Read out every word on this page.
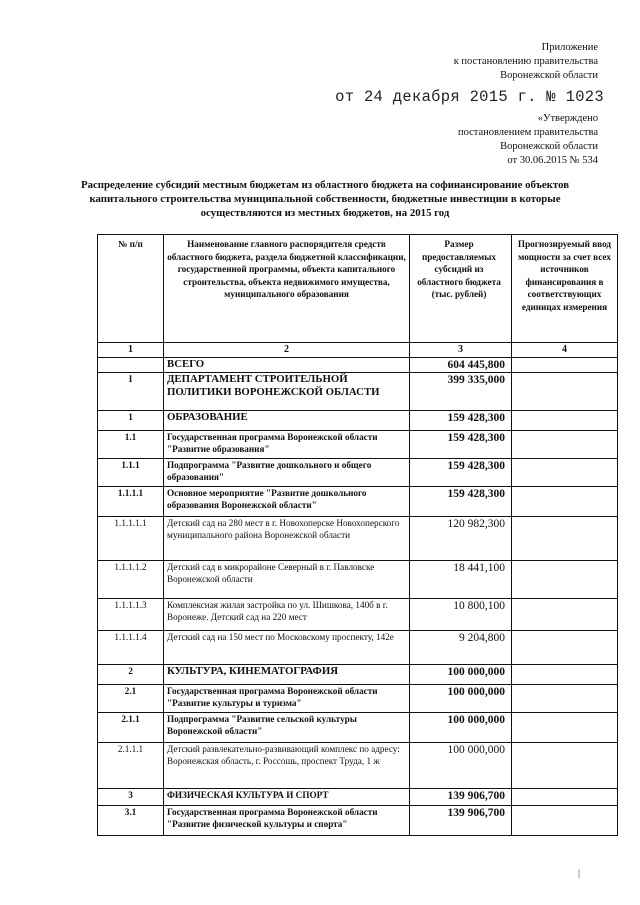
Приложение
к постановлению правительства
Воронежской области
от 24 декабря 2015 г. № 1023
«Утверждено
постановлением правительства
Воронежской области
от 30.06.2015 № 534
Распределение субсидий местным бюджетам из областного бюджета на софинансирование объектов капитального строительства муниципальной собственности, бюджетные инвестиции в которые осуществляются из местных бюджетов, на 2015 год
№ п/п	Наименование главного распорядителя средств областного бюджета, раздела бюджетной классификации, государственной программы, объекта капитального строительства, объекта недвижимого имущества, муниципального образования	Размер предоставляемых субсидий из областного бюджета (тыс. рублей)	Прогнозируемый ввод мощности за счет всех источников финансирования в соответствующих единицах измерения
1	2	3	4
	ВСЕГО	604 445,800	
I	ДЕПАРТАМЕНТ СТРОИТЕЛЬНОЙ ПОЛИТИКИ ВОРОНЕЖСКОЙ ОБЛАСТИ	399 335,000	
1	ОБРАЗОВАНИЕ	159 428,300	
1.1	Государственная программа Воронежской области "Развитие образования"	159 428,300	
1.1.1	Подпрограмма "Развитие дошкольного и общего образования"	159 428,300	
1.1.1.1	Основное мероприятие "Развитие дошкольного образования Воронежской области"	159 428,300	
1.1.1.1.1	Детский сад на 280 мест в г. Новохоперске Новохоперского муниципального района Воронежской области	120 982,300	
1.1.1.1.2	Детский сад в микрорайоне Северный в г. Павловске Воронежской области	18 441,100	
1.1.1.1.3	Комплексная жилая застройка по ул. Шишкова, 140б в г. Воронеже. Детский сад на 220 мест	10 800,100	
1.1.1.1.4	Детский сад на 150 мест по Московскому проспекту, 142е	9 204,800	
2	КУЛЬТУРА, КИНЕМАТОГРАФИЯ	100 000,000	
2.1	Государственная программа Воронежской области "Развитие культуры и туризма"	100 000,000	
2.1.1	Подпрограмма "Развитие сельской культуры Воронежской области"	100 000,000	
2.1.1.1	Детский развлекательно-развивающий комплекс по адресу: Воронежская область, г. Россошь, проспект Труда, 1 ж	100 000,000	
3	ФИЗИЧЕСКАЯ КУЛЬТУРА И СПОРТ	139 906,700	
3.1	Государственная программа Воронежской области "Развитие физической культуры и спорта"	139 906,700	
|
